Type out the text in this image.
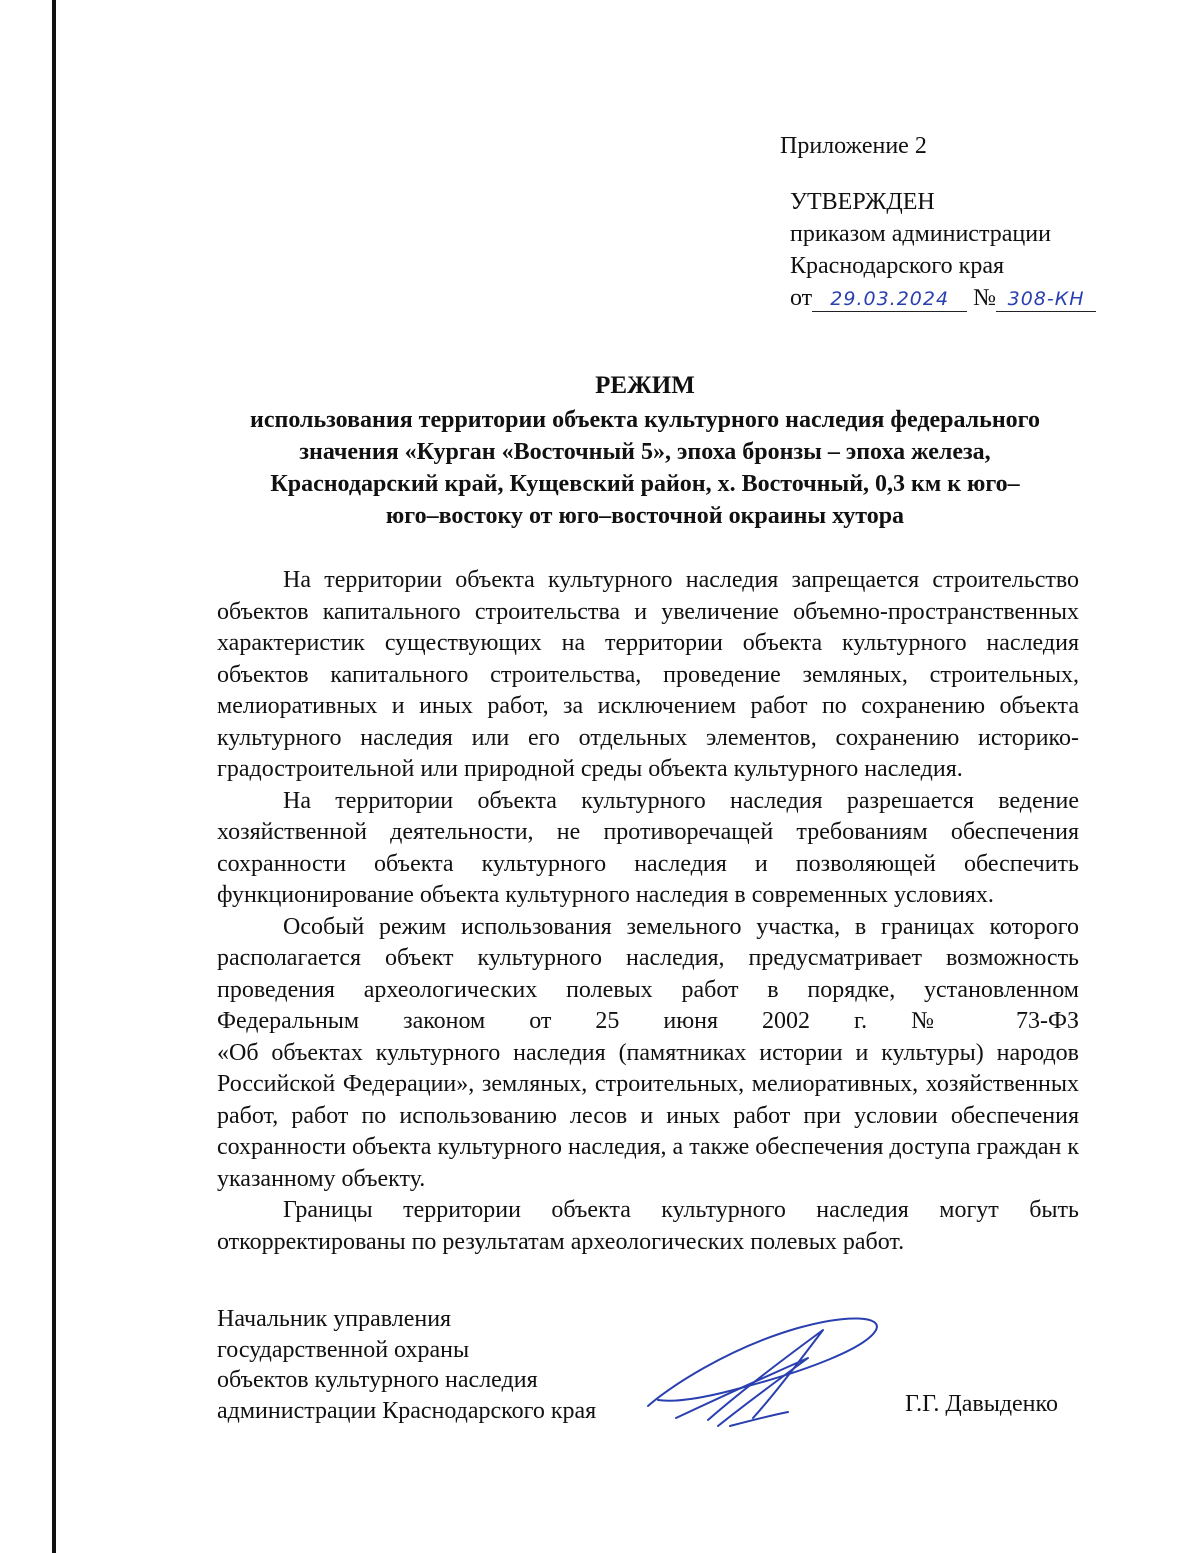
Приложение 2
УТВЕРЖДЕН
приказом администрации
Краснодарского края
от 29.03.2024 № 308-КН
РЕЖИМ
использования территории объекта культурного наследия федерального
значения «Курган «Восточный 5», эпоха бронзы – эпоха железа,
Краснодарский край, Кущевский район, х. Восточный, 0,3 км к юго–
юго–востоку от юго–восточной окраины хутора

На территории объекта культурного наследия запрещается строительство объектов капитального строительства и увеличение объемно-пространственных характеристик существующих на территории объекта культурного наследия объектов капитального строительства, проведение земляных, строительных, мелиоративных и иных работ, за исключением работ по сохранению объекта культурного наследия или его отдельных элементов, сохранению историко-градостроительной или природной среды объекта культурного наследия.

На территории объекта культурного наследия разрешается ведение хозяйственной деятельности, не противоречащей требованиям обеспечения сохранности объекта культурного наследия и позволяющей обеспечить функционирование объекта культурного наследия в современных условиях.

Особый режим использования земельного участка, в границах которого располагается объект культурного наследия, предусматривает возможность проведения археологических полевых работ в порядке, установленном Федеральным законом от 25 июня 2002 г. № 73-ФЗ

«Об объектах культурного наследия (памятниках истории и культуры) народов Российской Федерации», земляных, строительных, мелиоративных, хозяйственных работ, работ по использованию лесов и иных работ при условии обеспечения сохранности объекта культурного наследия, а также обеспечения доступа граждан к указанному объекту.

Границы территории объекта культурного наследия могут быть откорректированы по результатам археологических полевых работ.

Начальник управления
государственной охраны
объектов культурного наследия
администрации Краснодарского края	Г.Г. Давыденко
